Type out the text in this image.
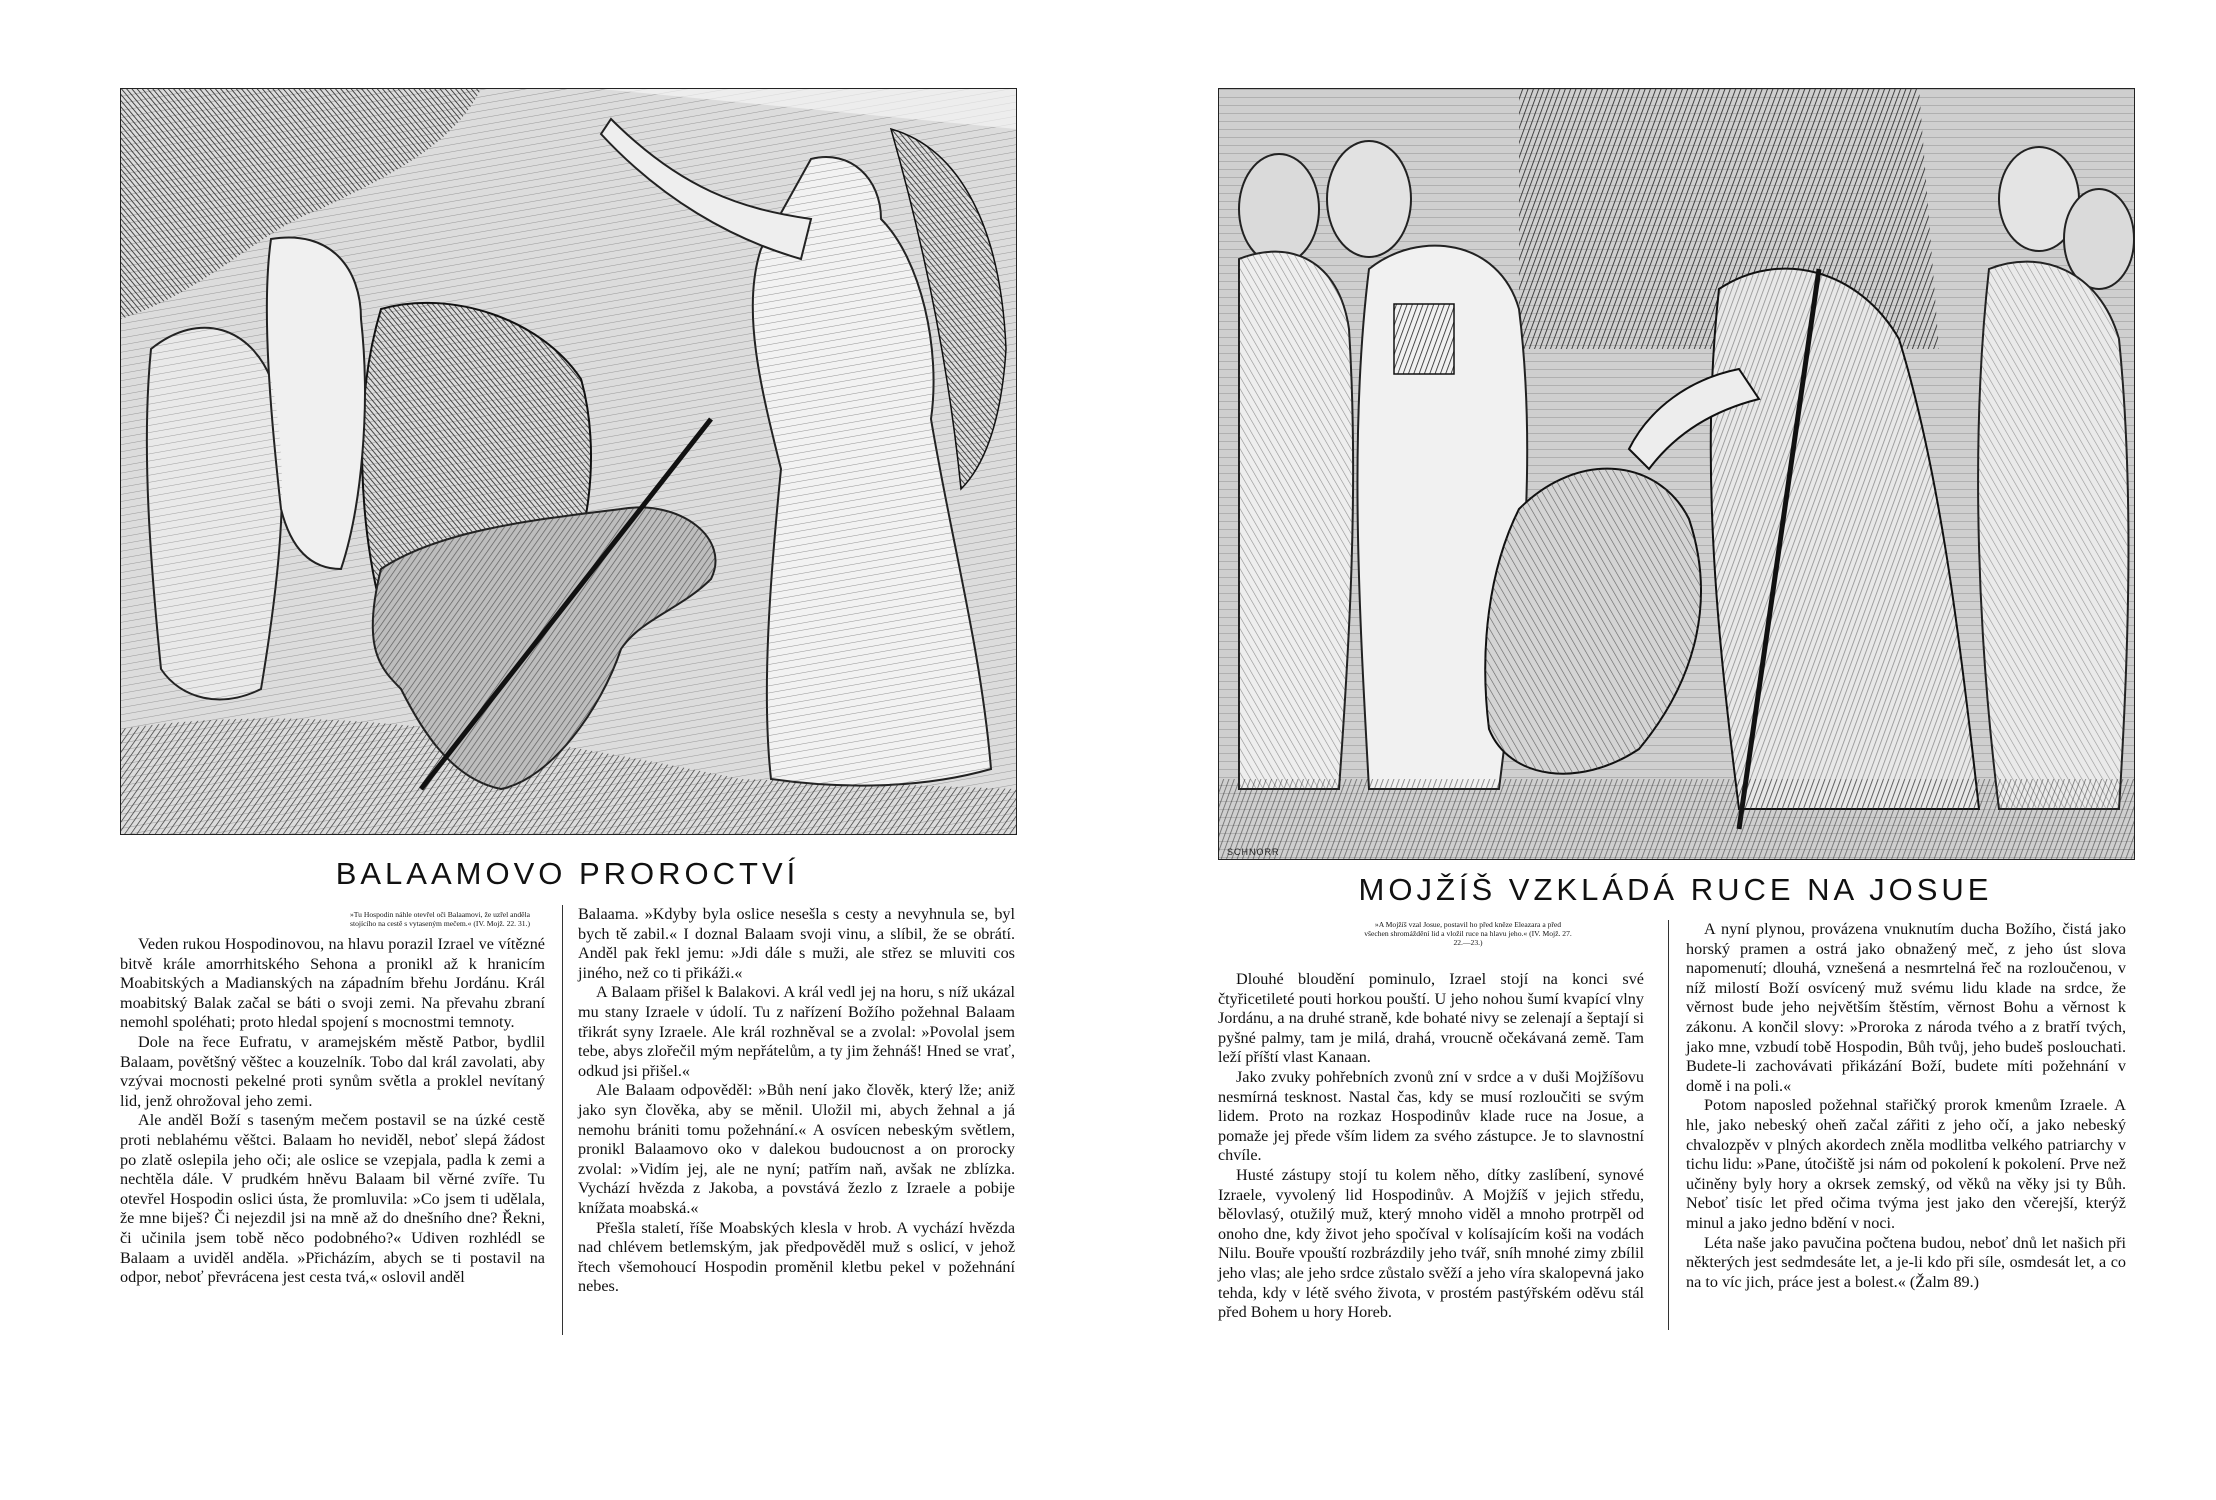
BALAAMOVO PROROCTVÍ
»Tu Hospodin náhle otevřel oči Balaamovi, že uzřel anděla stojícího na cestě s vytaseným mečem.« (IV. Mojž. 22. 31.)

Veden rukou Hospodinovou, na hlavu porazil Izrael ve vítězné bitvě krále amorrhitského Sehona a pronikl až k hranicím Moabitských a Madianských na západním břehu Jordánu. Král moabitský Balak začal se báti o svoji zemi. Na převahu zbraní nemohl spoléhati; proto hledal spojení s mocnostmi temnoty.

Dole na řece Eufratu, v aramejském městě Patbor, bydlil Balaam, povětšný věštec a kouzelník. Tobo dal král zavolati, aby vzývai mocnosti pekelné proti synům světla a proklel nevítaný lid, jenž ohrožoval jeho zemi.

Ale anděl Boží s taseným mečem postavil se na úzké cestě proti neblahému věštci. Balaam ho neviděl, neboť slepá žádost po zlatě oslepila jeho oči; ale oslice se vzepjala, padla k zemi a nechtěla dále. V prudkém hněvu Balaam bil věrné zvíře. Tu otevřel Hospodin oslici ústa, že promluvila: »Co jsem ti udělala, že mne biješ? Či nejezdil jsi na mně až do dnešního dne? Řekni, či učinila jsem tobě něco podobného?« Udiven rozhlédl se Balaam a uviděl anděla. »Přicházím, abych se ti postavil na odpor, neboť převrácena jest cesta tvá,« oslovil anděl

Balaama. »Kdyby byla oslice nesešla s cesty a nevyhnula se, byl bych tě zabil.« I doznal Balaam svoji vinu, a slíbil, že se obrátí. Anděl pak řekl jemu: »Jdi dále s muži, ale střez se mluviti cos jiného, než co ti přikáži.«

A Balaam přišel k Balakovi. A král vedl jej na horu, s níž ukázal mu stany Izraele v údolí. Tu z nařízení Božího požehnal Balaam třikrát syny Izraele. Ale král rozhněval se a zvolal: »Povolal jsem tebe, abys zlořečil mým nepřátelům, a ty jim žehnáš! Hned se vrať, odkud jsi přišel.«

Ale Balaam odpověděl: »Bůh není jako člověk, který lže; aniž jako syn člověka, aby se měnil. Uložil mi, abych žehnal a já nemohu brániti tomu požehnání.« A osvícen nebeským světlem, pronikl Balaamovo oko v dalekou budoucnost a on prorocky zvolal: »Vidím jej, ale ne nyní; patřím naň, avšak ne zblízka. Vychází hvězda z Jakoba, a povstává žezlo z Izraele a pobije knížata moabská.«

Přešla staletí, říše Moabských klesla v hrob. A vychází hvězda nad chlévem betlemským, jak předpověděl muž s oslicí, v jehož řtech všemohoucí Hospodin proměnil kletbu pekel v požehnání nebes.

SCHNORR
MOJŽÍŠ VZKLÁDÁ RUCE NA JOSUE
»A Mojžíš vzal Josue, postavil ho před kněze Eleazara a před všechen shromáždění lid a vložil ruce na hlavu jeho.« (IV. Mojž. 27. 22.—23.)

Dlouhé bloudění pominulo, Izrael stojí na konci své čtyřicetileté pouti horkou pouští. U jeho nohou šumí kvapící vlny Jordánu, a na druhé straně, kde bohaté nivy se zelenají a šeptají si pyšné palmy, tam je milá, drahá, vroucně očekávaná země. Tam leží příští vlast Kanaan.

Jako zvuky pohřebních zvonů zní v srdce a v duši Mojžíšovu nesmírná tesknost. Nastal čas, kdy se musí rozloučiti se svým lidem. Proto na rozkaz Hospodinův klade ruce na Josue, a pomaže jej přede vším lidem za svého zástupce. Je to slavnostní chvíle.

Husté zástupy stojí tu kolem něho, dítky zaslíbení, synové Izraele, vyvolený lid Hospodinův. A Mojžíš v jejich středu, bělovlasý, otužilý muž, který mnoho viděl a mnoho protrpěl od onoho dne, kdy život jeho spočíval v kolísajícím koši na vodách Nilu. Bouře vpouští rozbrázdily jeho tvář, sníh mnohé zimy zbílil jeho vlas; ale jeho srdce zůstalo svěží a jeho víra skalopevná jako tehda, kdy v létě svého života, v prostém pastýřském oděvu stál před Bohem u hory Horeb.

A nyní plynou, provázena vnuknutím ducha Božího, čistá jako horský pramen a ostrá jako obnažený meč, z jeho úst slova napomenutí; dlouhá, vznešená a nesmrtelná řeč na rozloučenou, v níž milostí Boží osvícený muž svému lidu klade na srdce, že věrnost bude jeho největším štěstím, věrnost Bohu a věrnost k zákonu. A končil slovy: »Proroka z národa tvého a z bratří tvých, jako mne, vzbudí tobě Hospodin, Bůh tvůj, jeho budeš poslouchati. Budete-li zachovávati přikázání Boží, budete míti požehnání v domě i na poli.«

Potom naposled požehnal stařičký prorok kmenům Izraele. A hle, jako nebeský oheň začal zářiti z jeho očí, a jako nebeský chvalozpěv v plných akordech zněla modlitba velkého patriarchy v tichu lidu: »Pane, útočiště jsi nám od pokolení k pokolení. Prve než učiněny byly hory a okrsek zemský, od věků na věky jsi ty Bůh. Neboť tisíc let před očima tvýma jest jako den včerejší, kterýž minul a jako jedno bdění v noci.

Léta naše jako pavučina počtena budou, neboť dnů let našich při některých jest sedmdesáte let, a je-li kdo při síle, osmdesát let, a co na to víc jich, práce jest a bolest.« (Žalm 89.)
